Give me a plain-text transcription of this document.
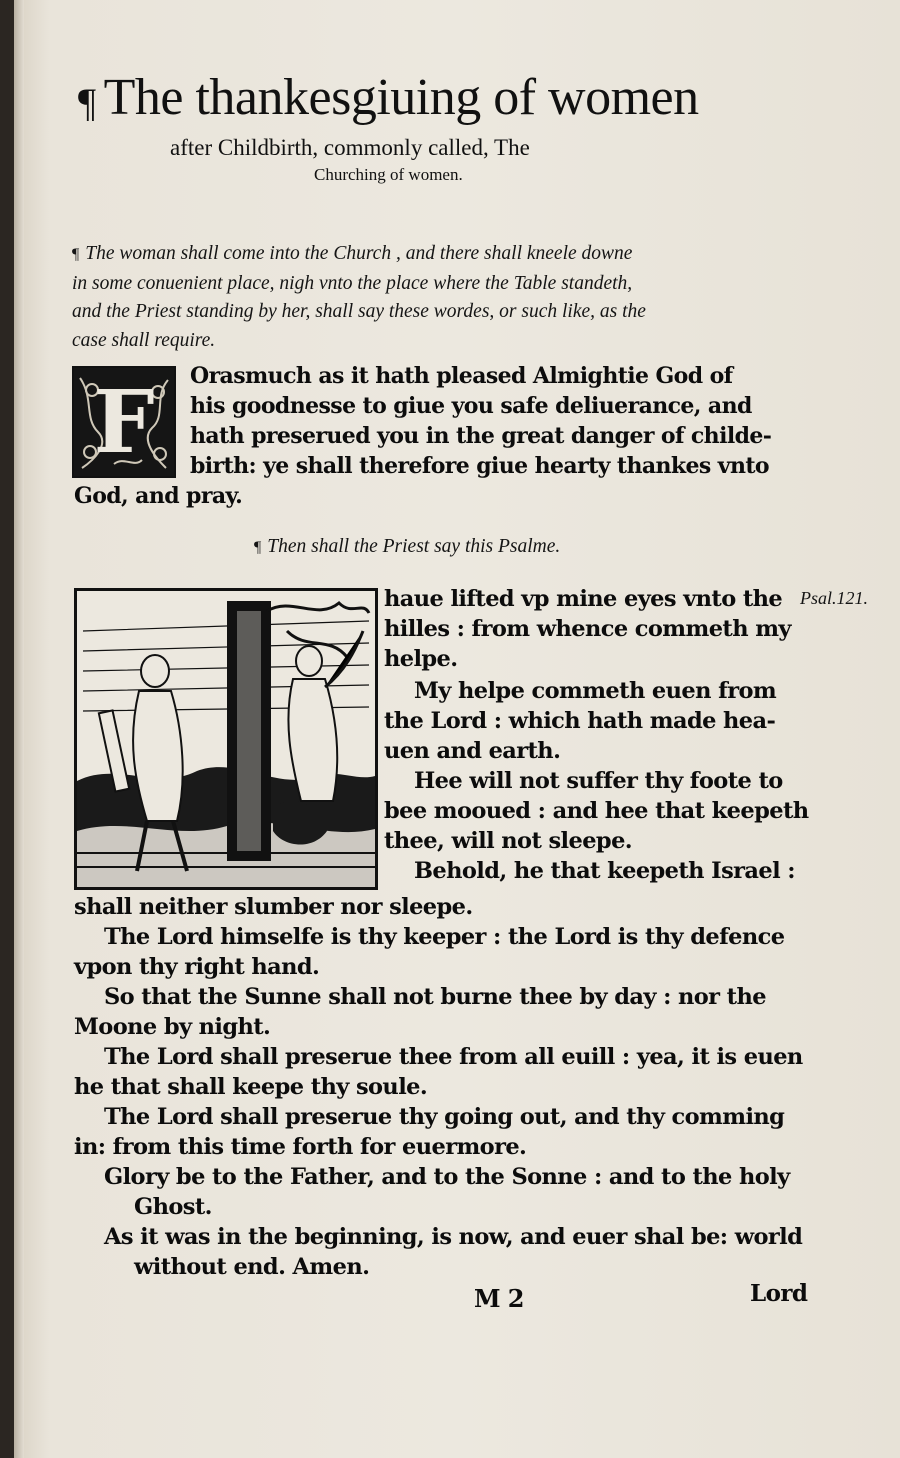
¶ The thankesgiuing of women
after Childbirth, commonly called, The
Churching of women.
¶ The woman shall come into the Church , and there shall kneele downe
in some conuenient place, nigh vnto the place where the Table standeth,
and the Priest standing by her, shall say these wordes, or such like, as the
case shall require.
F	Orasmuch as it hath pleased Almightie God of
his goodnesse to giue you safe deliuerance, and
hath preserued you in the great danger of childe-
birth: ye shall therefore giue hearty thankes vnto
God, and pray.
¶ Then shall the Priest say this Psalme.
Psal.121.
haue lifted vp mine eyes vnto the
hilles : from whence commeth my
helpe.
My helpe commeth euen from
the Lord : which hath made hea-
uen and earth.
Hee will not suffer thy foote to
bee mooued : and hee that keepeth
thee, will not sleepe.
Behold, he that keepeth Israel :
shall neither slumber nor sleepe.
The Lord himselfe is thy keeper : the Lord is thy defence
vpon thy right hand.
So that the Sunne shall not burne thee by day : nor the
Moone by night.
The Lord shall preserue thee from all euill : yea, it is euen
he that shall keepe thy soule.
The Lord shall preserue thy going out, and thy comming
in: from this time forth for euermore.
Glory be to the Father, and to the Sonne : and to the holy
Ghost.
As it was in the beginning, is now, and euer shal be: world
without end. Amen.
M 2	Lord
